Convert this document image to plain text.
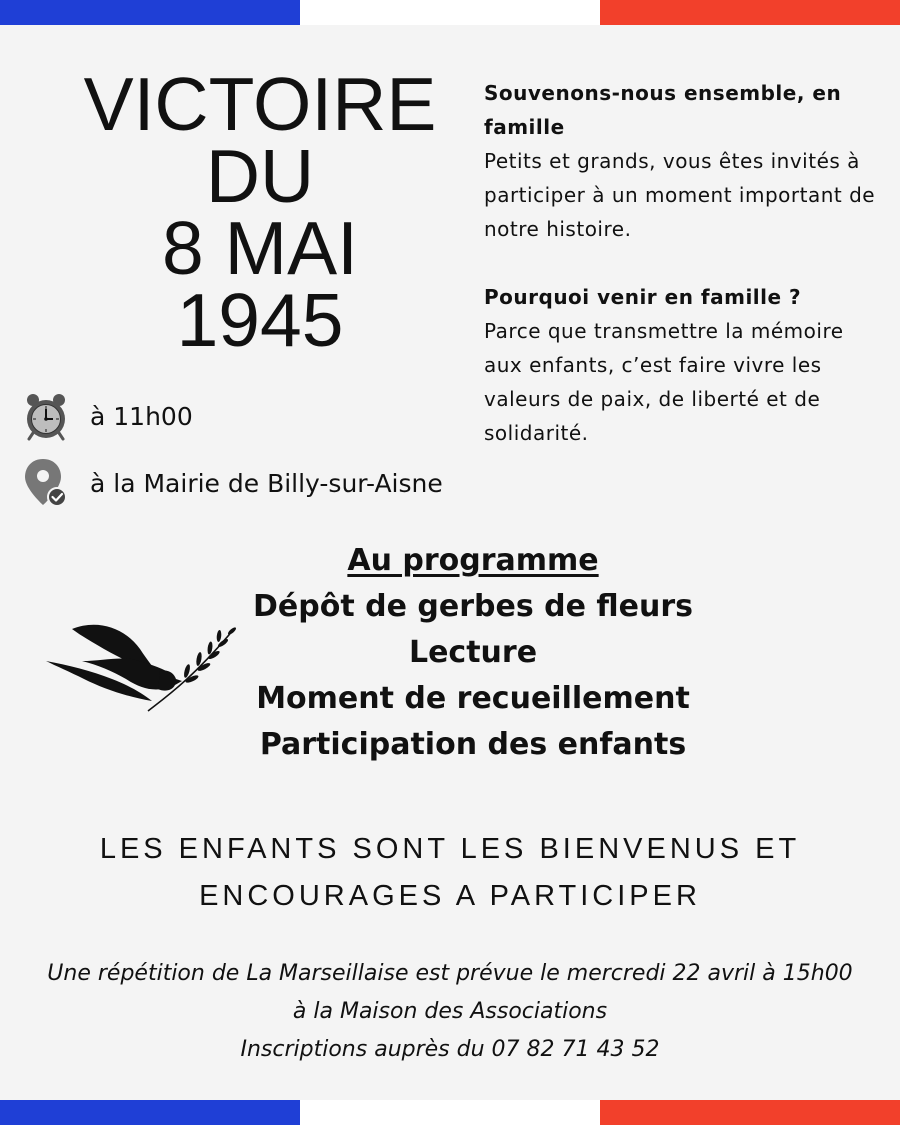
VICTOIRE
DU
8 MAI
1945

Souvenons-nous ensemble, en famille

Petits et grands, vous êtes invités à participer à un moment important de notre histoire.

Pourquoi venir en famille ?

Parce que transmettre la mémoire aux enfants, c’est faire vivre les valeurs de paix, de liberté et de solidarité.

à 11h00
à la Mairie de Billy-sur-Aisne
Au programme
Dépôt de gerbes de fleurs
Lecture
Moment de recueillement
Participation des enfants
LES ENFANTS SONT LES BIENVENUS ET
ENCOURAGES A PARTICIPER
Une répétition de La Marseillaise est prévue le mercredi 22 avril à 15h00
à la Maison des Associations
Inscriptions auprès du 07 82 71 43 52
